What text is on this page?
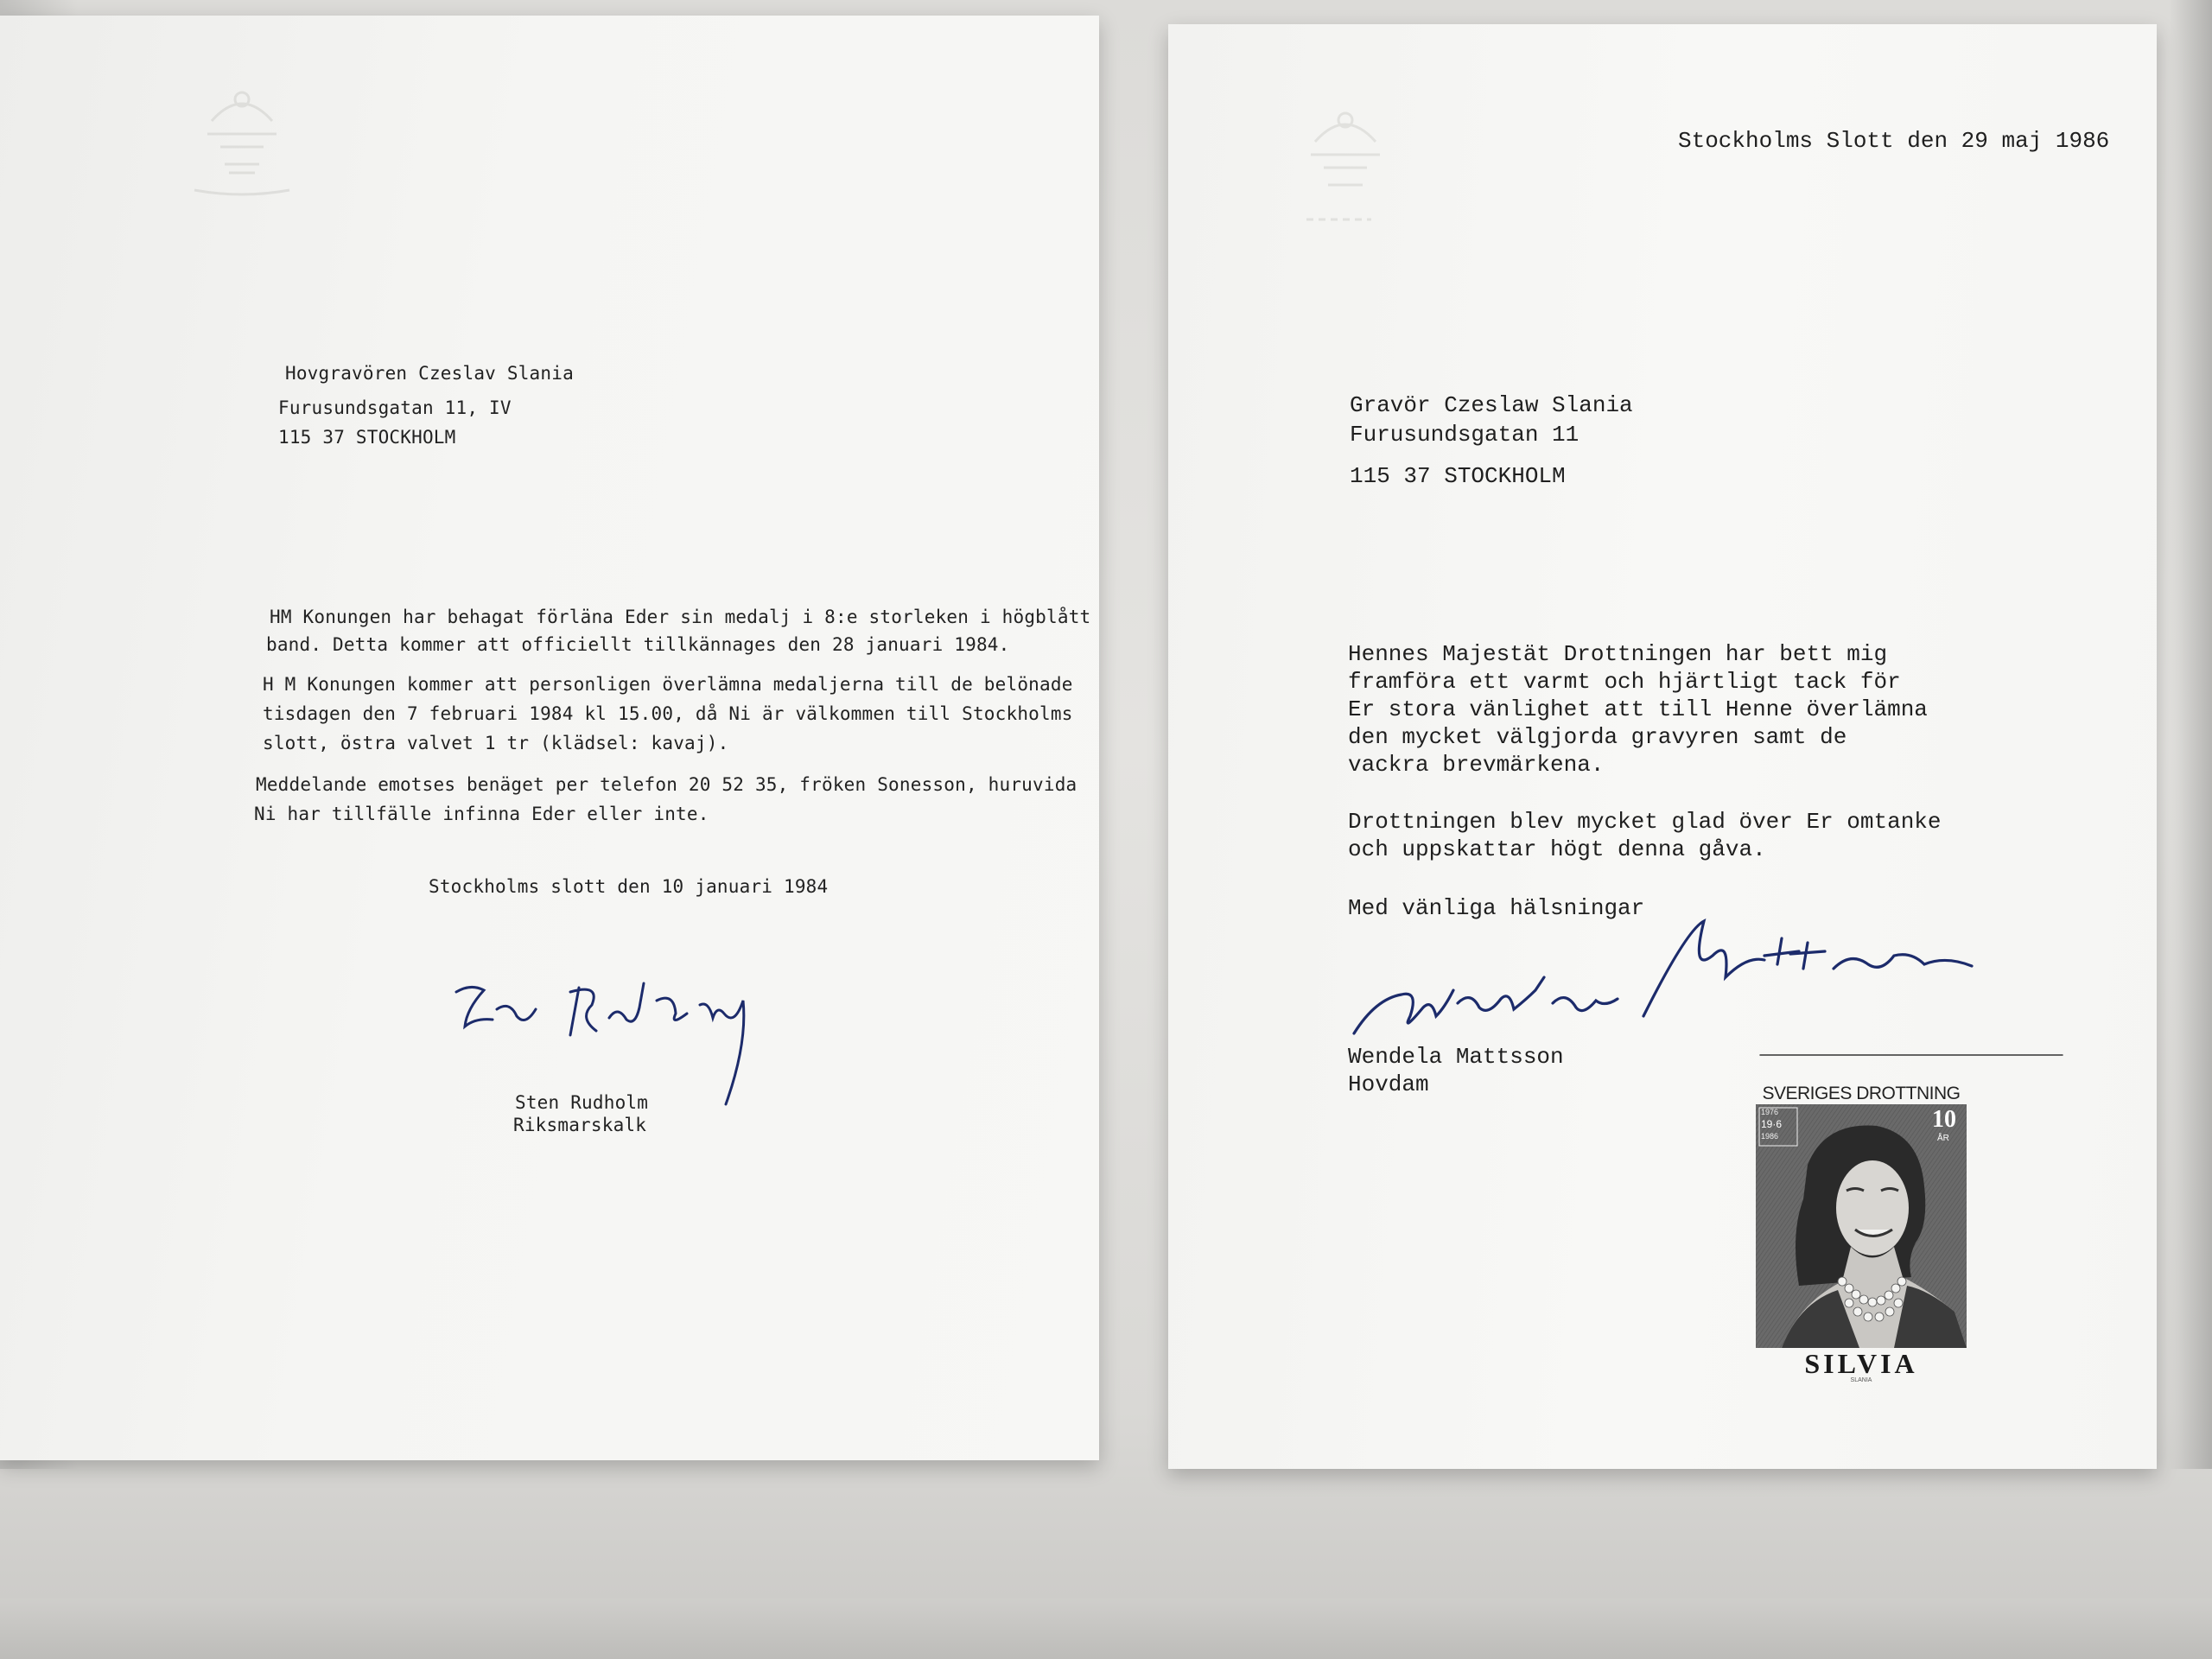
Hovgravören Czeslav Slania
Furusundsgatan 11, IV
115 37 STOCKHOLM
HM Konungen har behagat förläna Eder sin medalj i 8:e storleken i högblått
band. Detta kommer att officiellt tillkännages den 28 januari 1984.
H M Konungen kommer att personligen överlämna medaljerna till de belönade
tisdagen den 7 februari 1984 kl 15.00, då Ni är välkommen till Stockholms
slott, östra valvet 1 tr (klädsel: kavaj).
Meddelande emotses benäget per telefon 20 52 35, fröken Sonesson, huruvida
Ni har tillfälle infinna Eder eller inte.
Stockholms slott den 10 januari 1984
Sten Rudholm
Riksmarskalk
Stockholms Slott den 29 maj 1986
Gravör Czeslaw Slania
Furusundsgatan 11
115 37 STOCKHOLM
Hennes Majestät Drottningen har bett mig
framföra ett varmt och hjärtligt tack för
Er stora vänlighet att till Henne överlämna
den mycket välgjorda gravyren samt de
vackra brevmärkena.
Drottningen blev mycket glad över Er omtanke
och uppskattar högt denna gåva.
Med vänliga hälsningar
Wendela Mattsson
Hovdam	SVERIGES DROTTNING
1976
19·6
1986
10
ÅR
SILVIA
SLANIA
